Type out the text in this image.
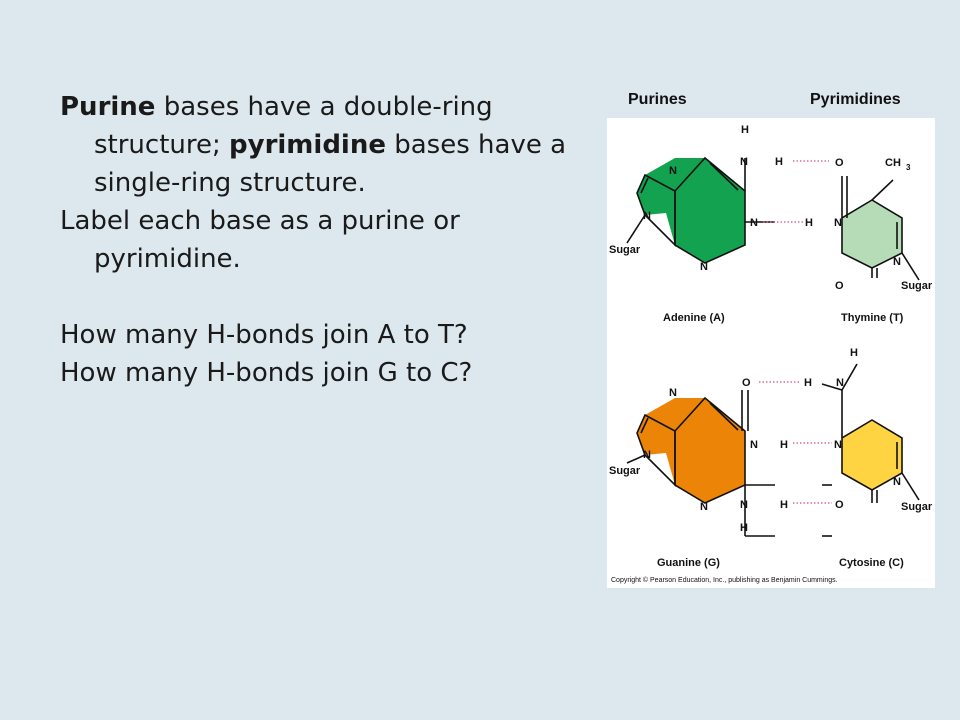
Purine bases have a double-ring structure; pyrimidine bases have a single-ring structure.

Label each base as a purine or pyrimidine.

How many H-bonds join A to T?

How many H-bonds join G to C?

Purines	Pyrimidines
H
N H
N
N
N
N
Sugar
O	CH 3
H N
N
O	Sugar
N
O
N
Sugar
N H
N	N	H
H
H
H N
N
O
N
Sugar
Adenine (A)	Thymine (T)
Guanine (G)	Cytosine (C)
Copyright © Pearson Education, Inc., publishing as Benjamin Cummings.
